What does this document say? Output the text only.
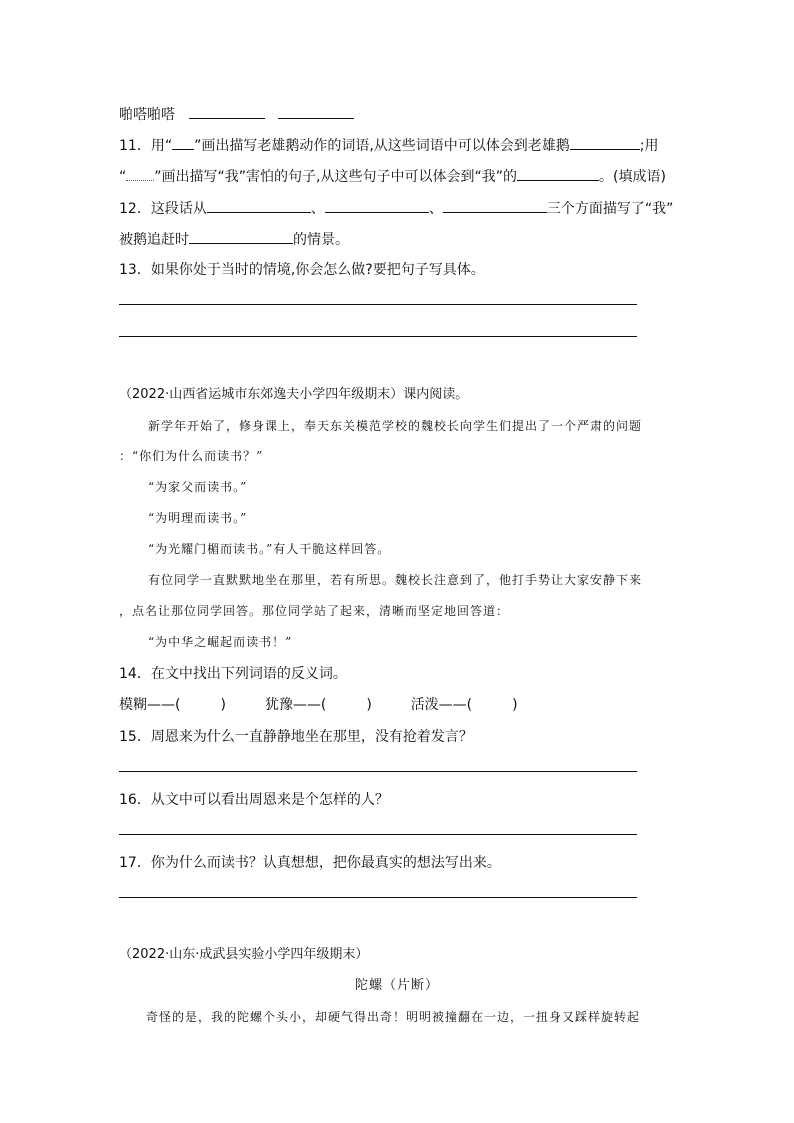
啪嗒啪嗒
11．用“ ”画出描写老雄鹅动作的词语,从这些词语中可以体会到老雄鹅	;用
“ ”画出描写“我”害怕的句子,从这些句子中可以体会到“我”的	。(填成语)
12．这段话从	、	、	三个方面描写了“我”
被鹅追赶时	的情景。
13．如果你处于当时的情境,你会怎么做?要把句子写具体。
（2022·山西省运城市东郊逸夫小学四年级期末）课内阅读。
新学年开始了，修身课上，奉天东关模范学校的魏校长向学生们提出了一个严肃的问题
：“你们为什么而读书？”
“为家父而读书。”
“为明理而读书。”
“为光耀门楣而读书。”有人干脆这样回答。
有位同学一直默默地坐在那里，若有所思。魏校长注意到了，他打手势让大家安静下来
，点名让那位同学回答。那位同学站了起来，清晰而坚定地回答道：
“为中华之崛起而读书！”
14．在文中找出下列词语的反义词。
模糊——(	)	犹豫——(	)	活泼——(	)
15．周恩来为什么一直静静地坐在那里，没有抢着发言？
16．从文中可以看出周恩来是个怎样的人？
17．你为什么而读书？认真想想，把你最真实的想法写出来。
（2022·山东·成武县实验小学四年级期末）
陀螺（片断）
奇怪的是，我的陀螺个头小，却硬气得出奇！明明被撞翻在一边，一扭身又踩样旋转起
